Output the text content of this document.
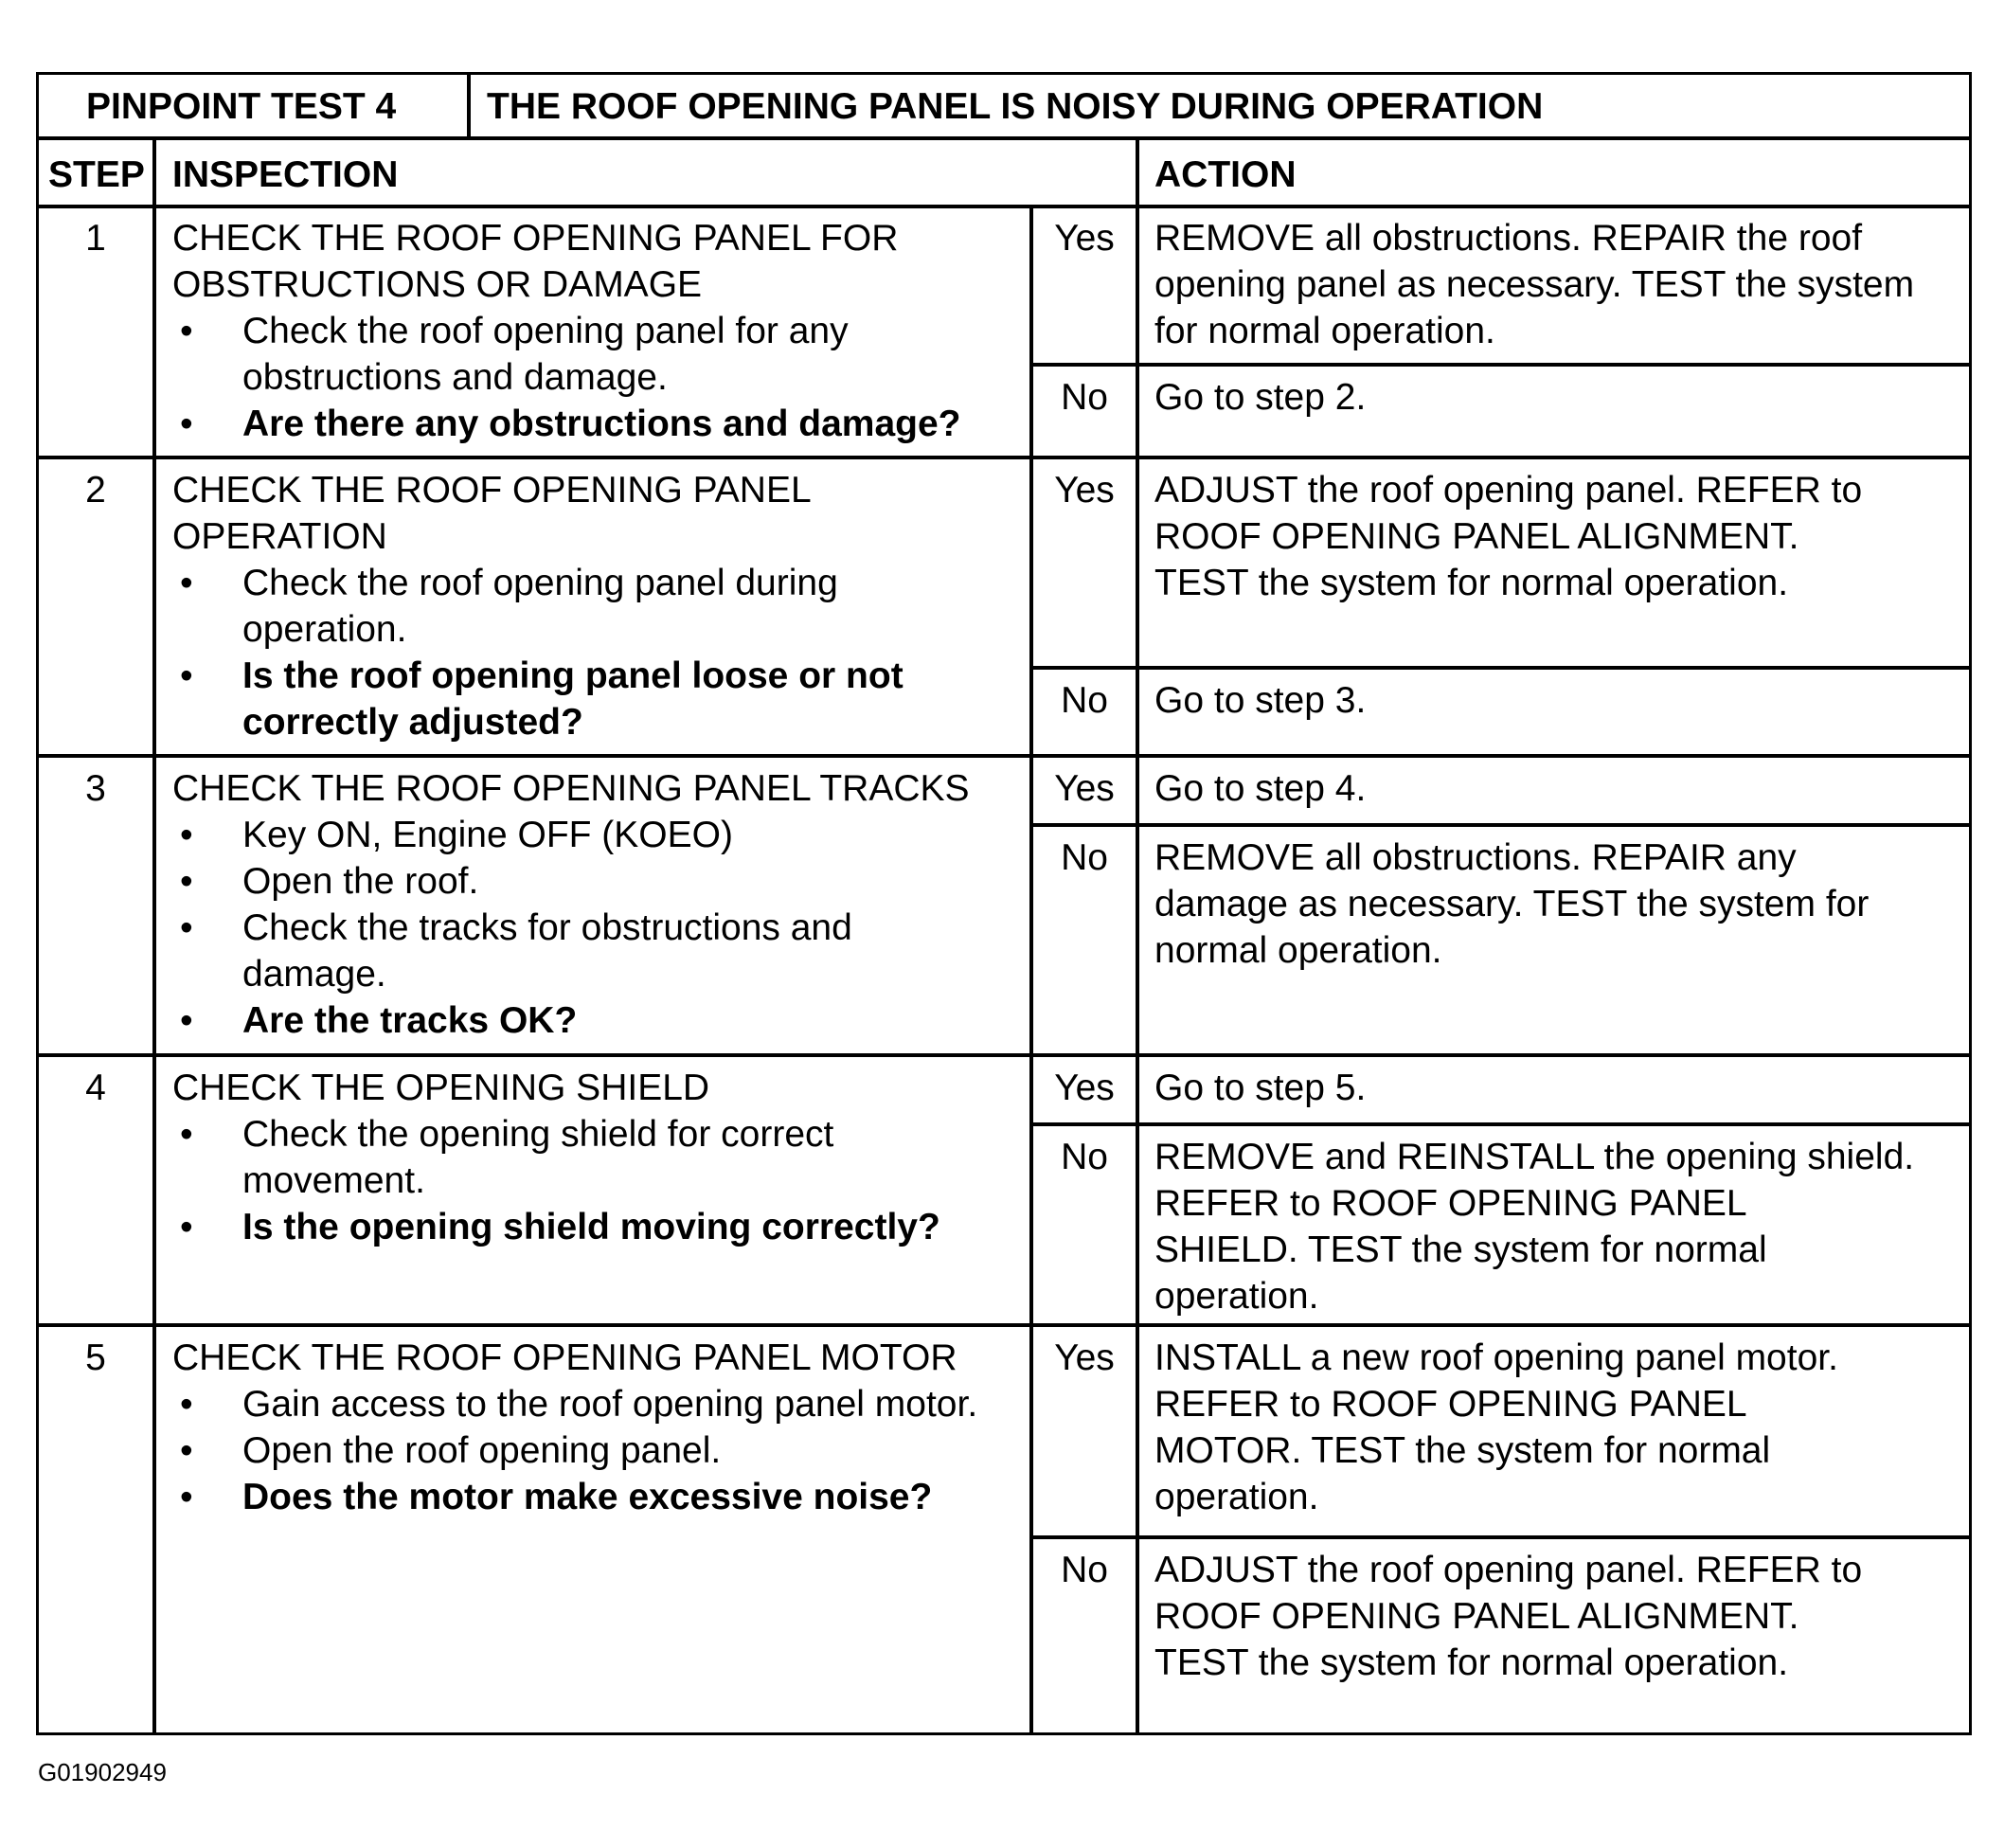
PINPOINT TEST 4 THE ROOF OPENING PANEL IS NOISY DURING OPERATION
STEP INSPECTION	ACTION
1	CHECK THE ROOF OPENING PANEL FOR
OBSTRUCTIONS OR DAMAGE
• Check the roof opening panel for any
obstructions and damage.
• Are there any obstructions and damage?
Yes	REMOVE all obstructions. REPAIR the roof
opening panel as necessary. TEST the system
for normal operation.
No	Go to step 2.
2	CHECK THE ROOF OPENING PANEL
OPERATION
• Check the roof opening panel during
operation.
• Is the roof opening panel loose or not
correctly adjusted?
Yes	ADJUST the roof opening panel. REFER to
ROOF OPENING PANEL ALIGNMENT.
TEST the system for normal operation.
No	Go to step 3.
3	CHECK THE ROOF OPENING PANEL TRACKS
• Key ON, Engine OFF (KOEO)
• Open the roof.
• Check the tracks for obstructions and
damage.
• Are the tracks OK?
Yes	Go to step 4.
No	REMOVE all obstructions. REPAIR any
damage as necessary. TEST the system for
normal operation.
4	CHECK THE OPENING SHIELD
• Check the opening shield for correct
movement.
• Is the opening shield moving correctly?
Yes	Go to step 5.
No	REMOVE and REINSTALL the opening shield.
REFER to ROOF OPENING PANEL
SHIELD. TEST the system for normal
operation.
5	CHECK THE ROOF OPENING PANEL MOTOR
• Gain access to the roof opening panel motor.
• Open the roof opening panel.
• Does the motor make excessive noise?
Yes	INSTALL a new roof opening panel motor.
REFER to ROOF OPENING PANEL
MOTOR. TEST the system for normal
operation.
No	ADJUST the roof opening panel. REFER to
ROOF OPENING PANEL ALIGNMENT.
TEST the system for normal operation.
G01902949
